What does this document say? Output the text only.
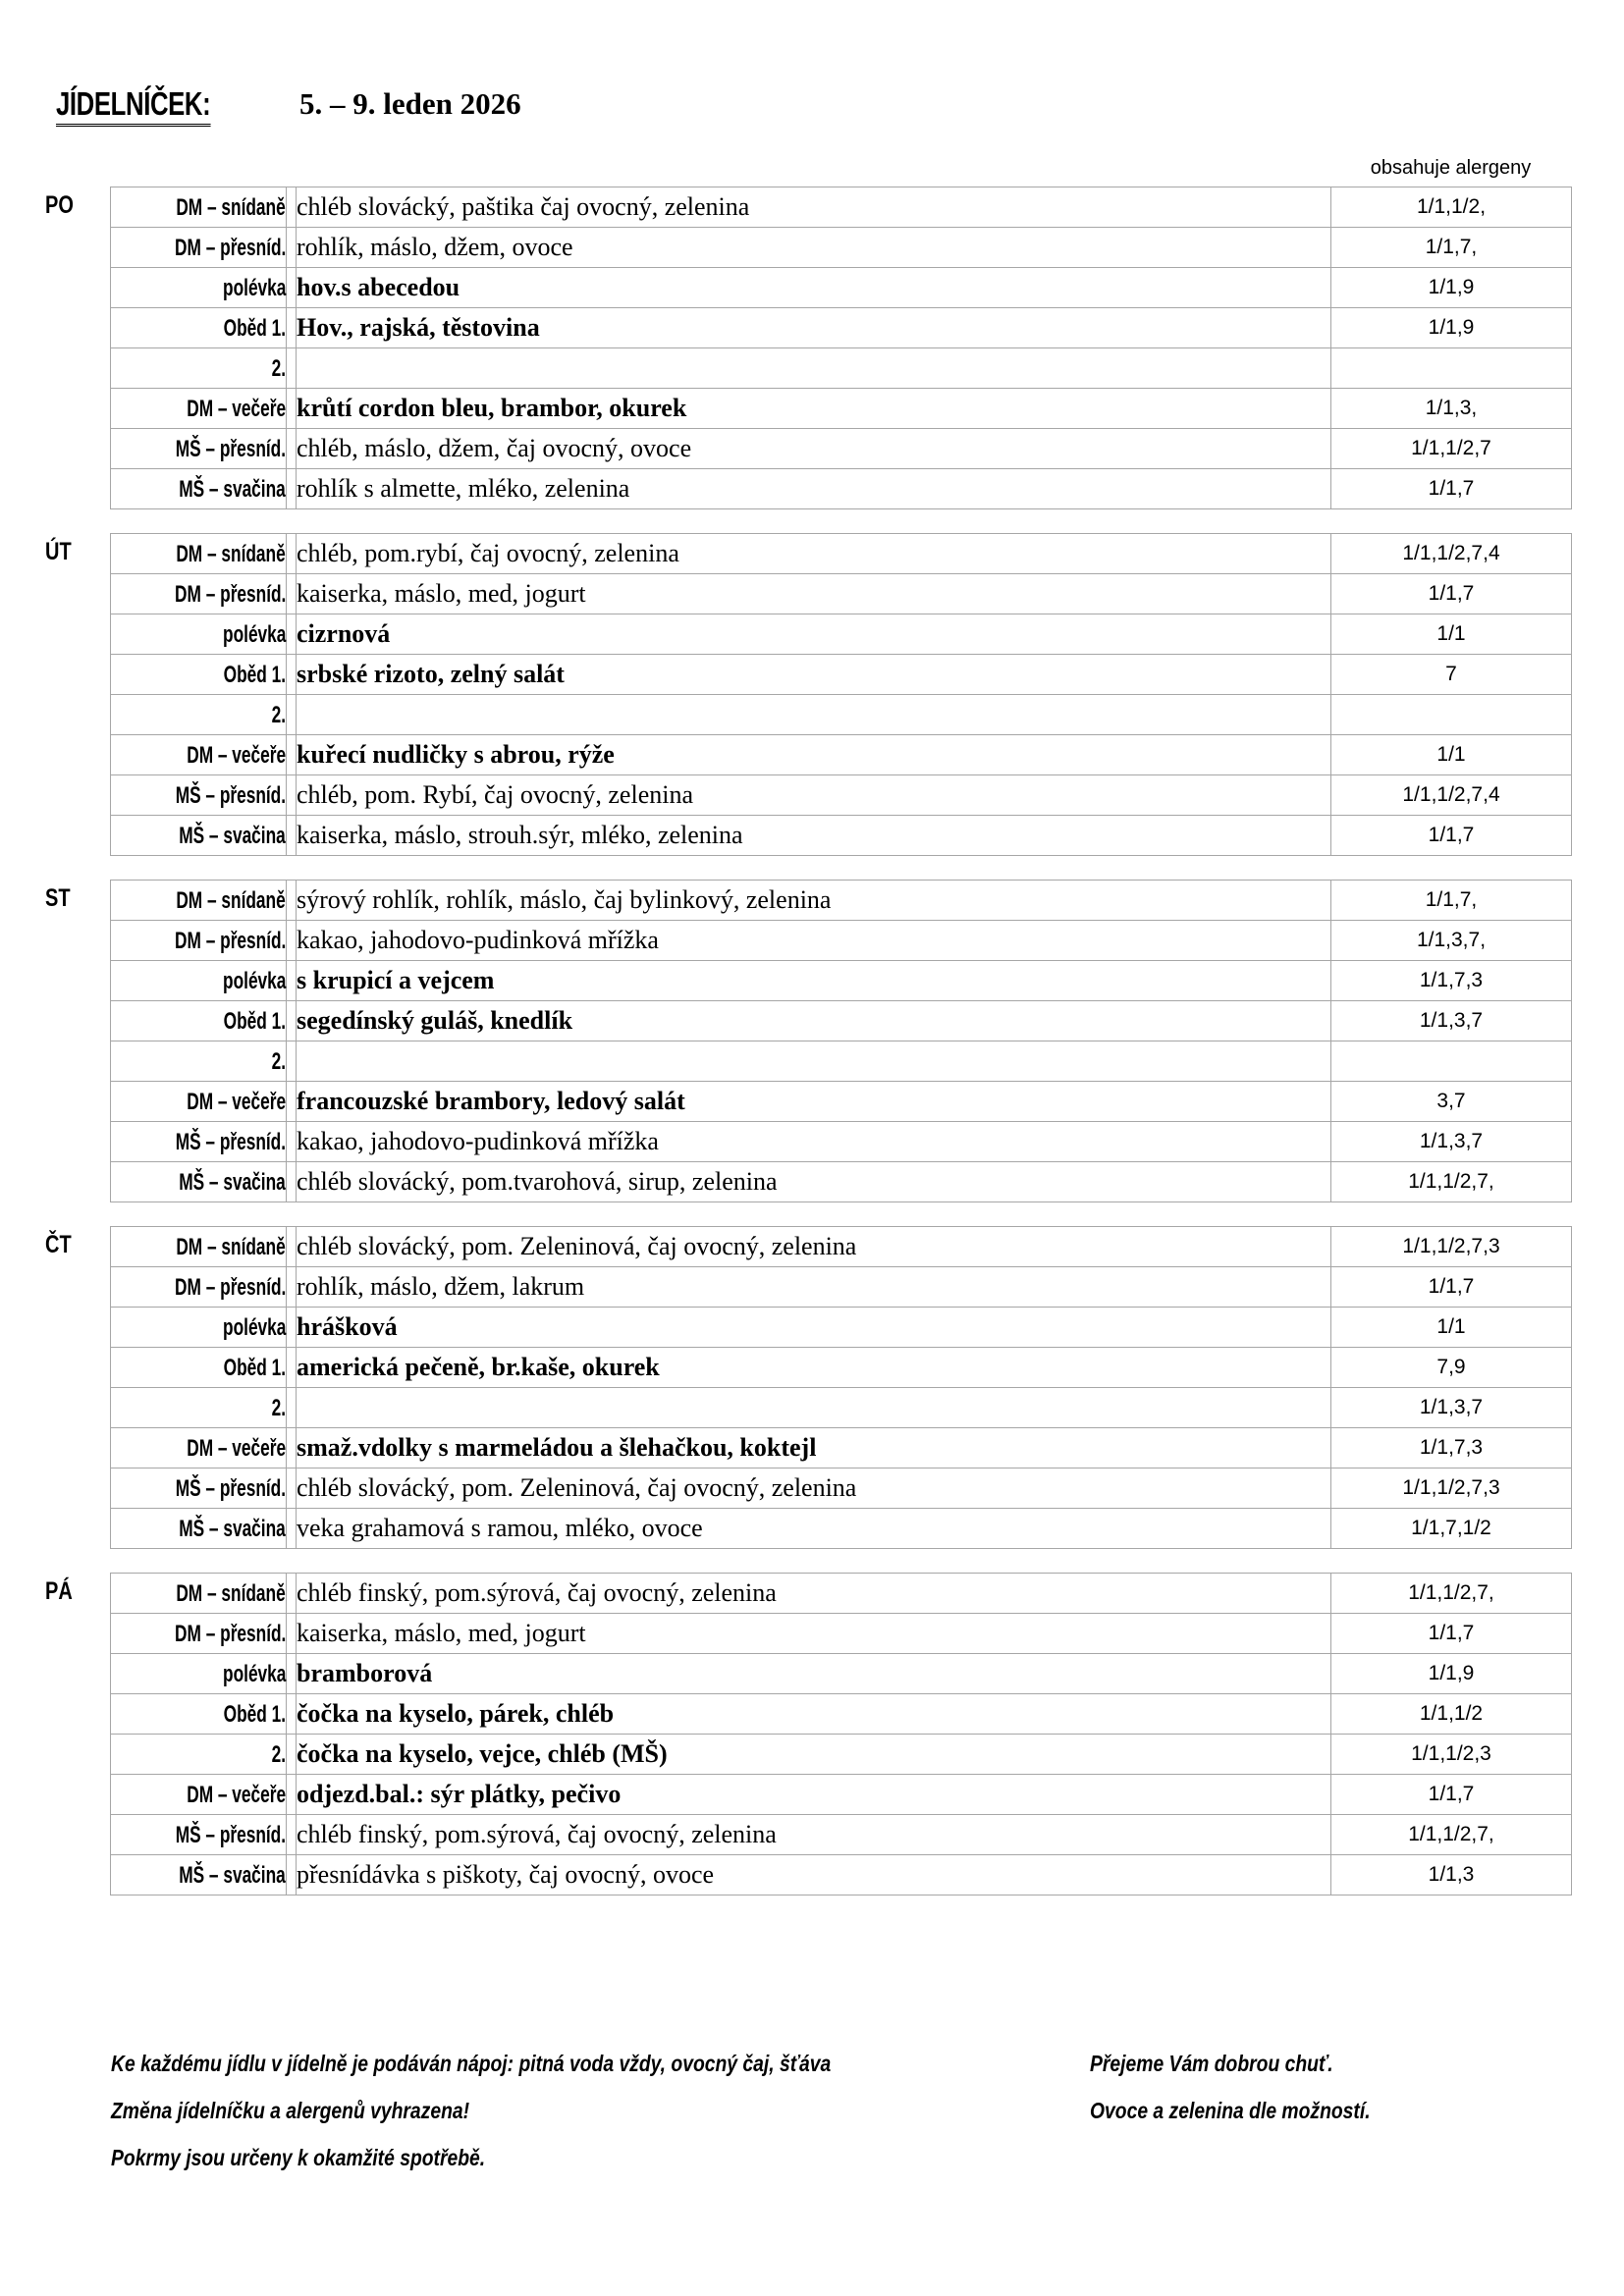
JÍDELNÍČEK:	5. – 9. leden 2026
obsahuje alergeny
PO	DM – snídaně		chléb slovácký, paštika čaj ovocný, zelenina	1/1,1/2,
DM – přesníd.		rohlík, máslo, džem, ovoce	1/1,7,
polévka		hov.s abecedou	1/1,9
Oběd 1.		Hov., rajská, těstovina	1/1,9
2.			
DM – večeře		krůtí cordon bleu, brambor, okurek	1/1,3,
MŠ – přesníd.		chléb, máslo, džem, čaj ovocný, ovoce	1/1,1/2,7
MŠ – svačina		rohlík s almette, mléko, zelenina	1/1,7
ÚT	DM – snídaně		chléb, pom.rybí, čaj ovocný, zelenina	1/1,1/2,7,4
DM – přesníd.		kaiserka, máslo, med, jogurt	1/1,7
polévka		cizrnová	1/1
Oběd 1.		srbské rizoto, zelný salát	7
2.			
DM – večeře		kuřecí nudličky s abrou, rýže	1/1
MŠ – přesníd.		chléb, pom. Rybí, čaj ovocný, zelenina	1/1,1/2,7,4
MŠ – svačina		kaiserka, máslo, strouh.sýr, mléko, zelenina	1/1,7
ST	DM – snídaně		sýrový rohlík, rohlík, máslo, čaj bylinkový, zelenina	1/1,7,
DM – přesníd.		kakao, jahodovo-pudinková mřížka	1/1,3,7,
polévka		s krupicí a vejcem	1/1,7,3
Oběd 1.		segedínský guláš, knedlík	1/1,3,7
2.			
DM – večeře		francouzské brambory, ledový salát	3,7
MŠ – přesníd.		kakao, jahodovo-pudinková mřížka	1/1,3,7
MŠ – svačina		chléb slovácký, pom.tvarohová, sirup, zelenina	1/1,1/2,7,
ČT	DM – snídaně		chléb slovácký, pom. Zeleninová, čaj ovocný, zelenina	1/1,1/2,7,3
DM – přesníd.		rohlík, máslo, džem, lakrum	1/1,7
polévka		hrášková	1/1
Oběd 1.		americká pečeně, br.kaše, okurek	7,9
2.			1/1,3,7
DM – večeře		smaž.vdolky s marmeládou a šlehačkou, koktejl	1/1,7,3
MŠ – přesníd.		chléb slovácký, pom. Zeleninová, čaj ovocný, zelenina	1/1,1/2,7,3
MŠ – svačina		veka grahamová s ramou, mléko, ovoce	1/1,7,1/2
PÁ	DM – snídaně		chléb finský, pom.sýrová, čaj ovocný, zelenina	1/1,1/2,7,
DM – přesníd.		kaiserka, máslo, med, jogurt	1/1,7
polévka		bramborová	1/1,9
Oběd 1.		čočka na kyselo, párek, chléb	1/1,1/2
2.		čočka na kyselo, vejce, chléb (MŠ)	1/1,1/2,3
DM – večeře		odjezd.bal.: sýr plátky, pečivo	1/1,7
MŠ – přesníd.		chléb finský, pom.sýrová, čaj ovocný, zelenina	1/1,1/2,7,
MŠ – svačina		přesnídávka s piškoty, čaj ovocný, ovoce	1/1,3
Ke každému jídlu v jídelně je podáván nápoj: pitná voda vždy, ovocný čaj, šťáva
Změna jídelníčku a alergenů vyhrazena!
Pokrmy jsou určeny k okamžité spotřebě.
Přejeme Vám dobrou chuť.
Ovoce a zelenina dle možností.
